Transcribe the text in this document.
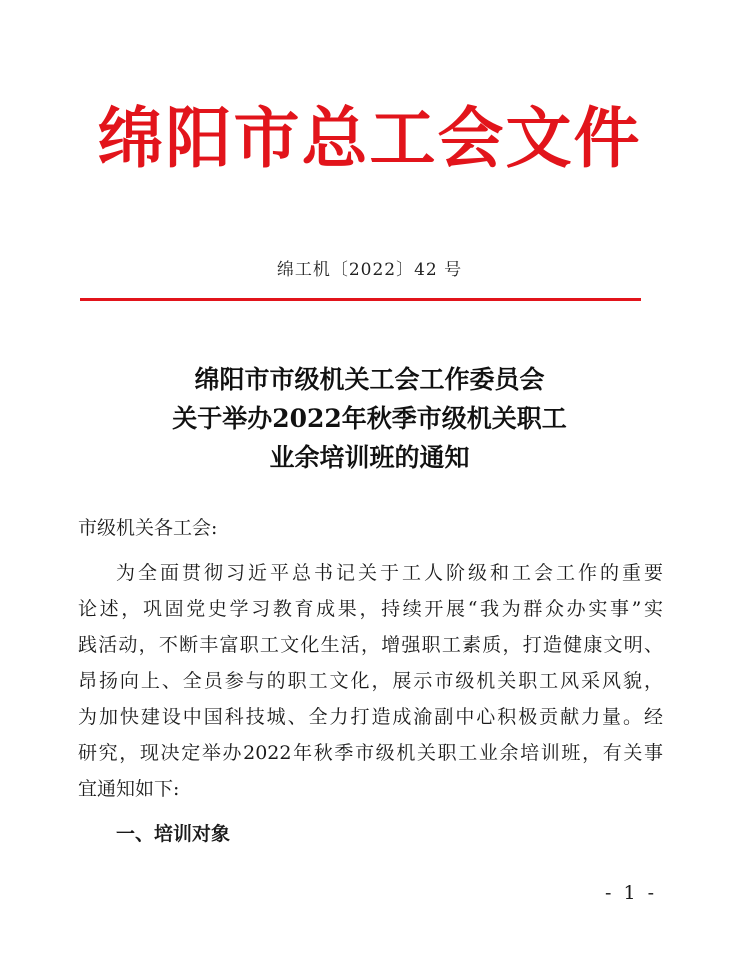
绵阳市总工会文件
绵工机〔2022〕42 号
绵阳市市级机关工会工作委员会
关于举办2022年秋季市级机关职工
业余培训班的通知
市级机关各工会:
为全面贯彻习近平总书记关于工人阶级和工会工作的重要
论述，巩固党史学习教育成果，持续开展“我为群众办实事”实
践活动，不断丰富职工文化生活，增强职工素质，打造健康文明、
昂扬向上、全员参与的职工文化，展示市级机关职工风采风貌，
为加快建设中国科技城、全力打造成渝副中心积极贡献力量。经
研究，现决定举办2022年秋季市级机关职工业余培训班，有关事
宜通知如下:
一、培训对象
- 1 -
